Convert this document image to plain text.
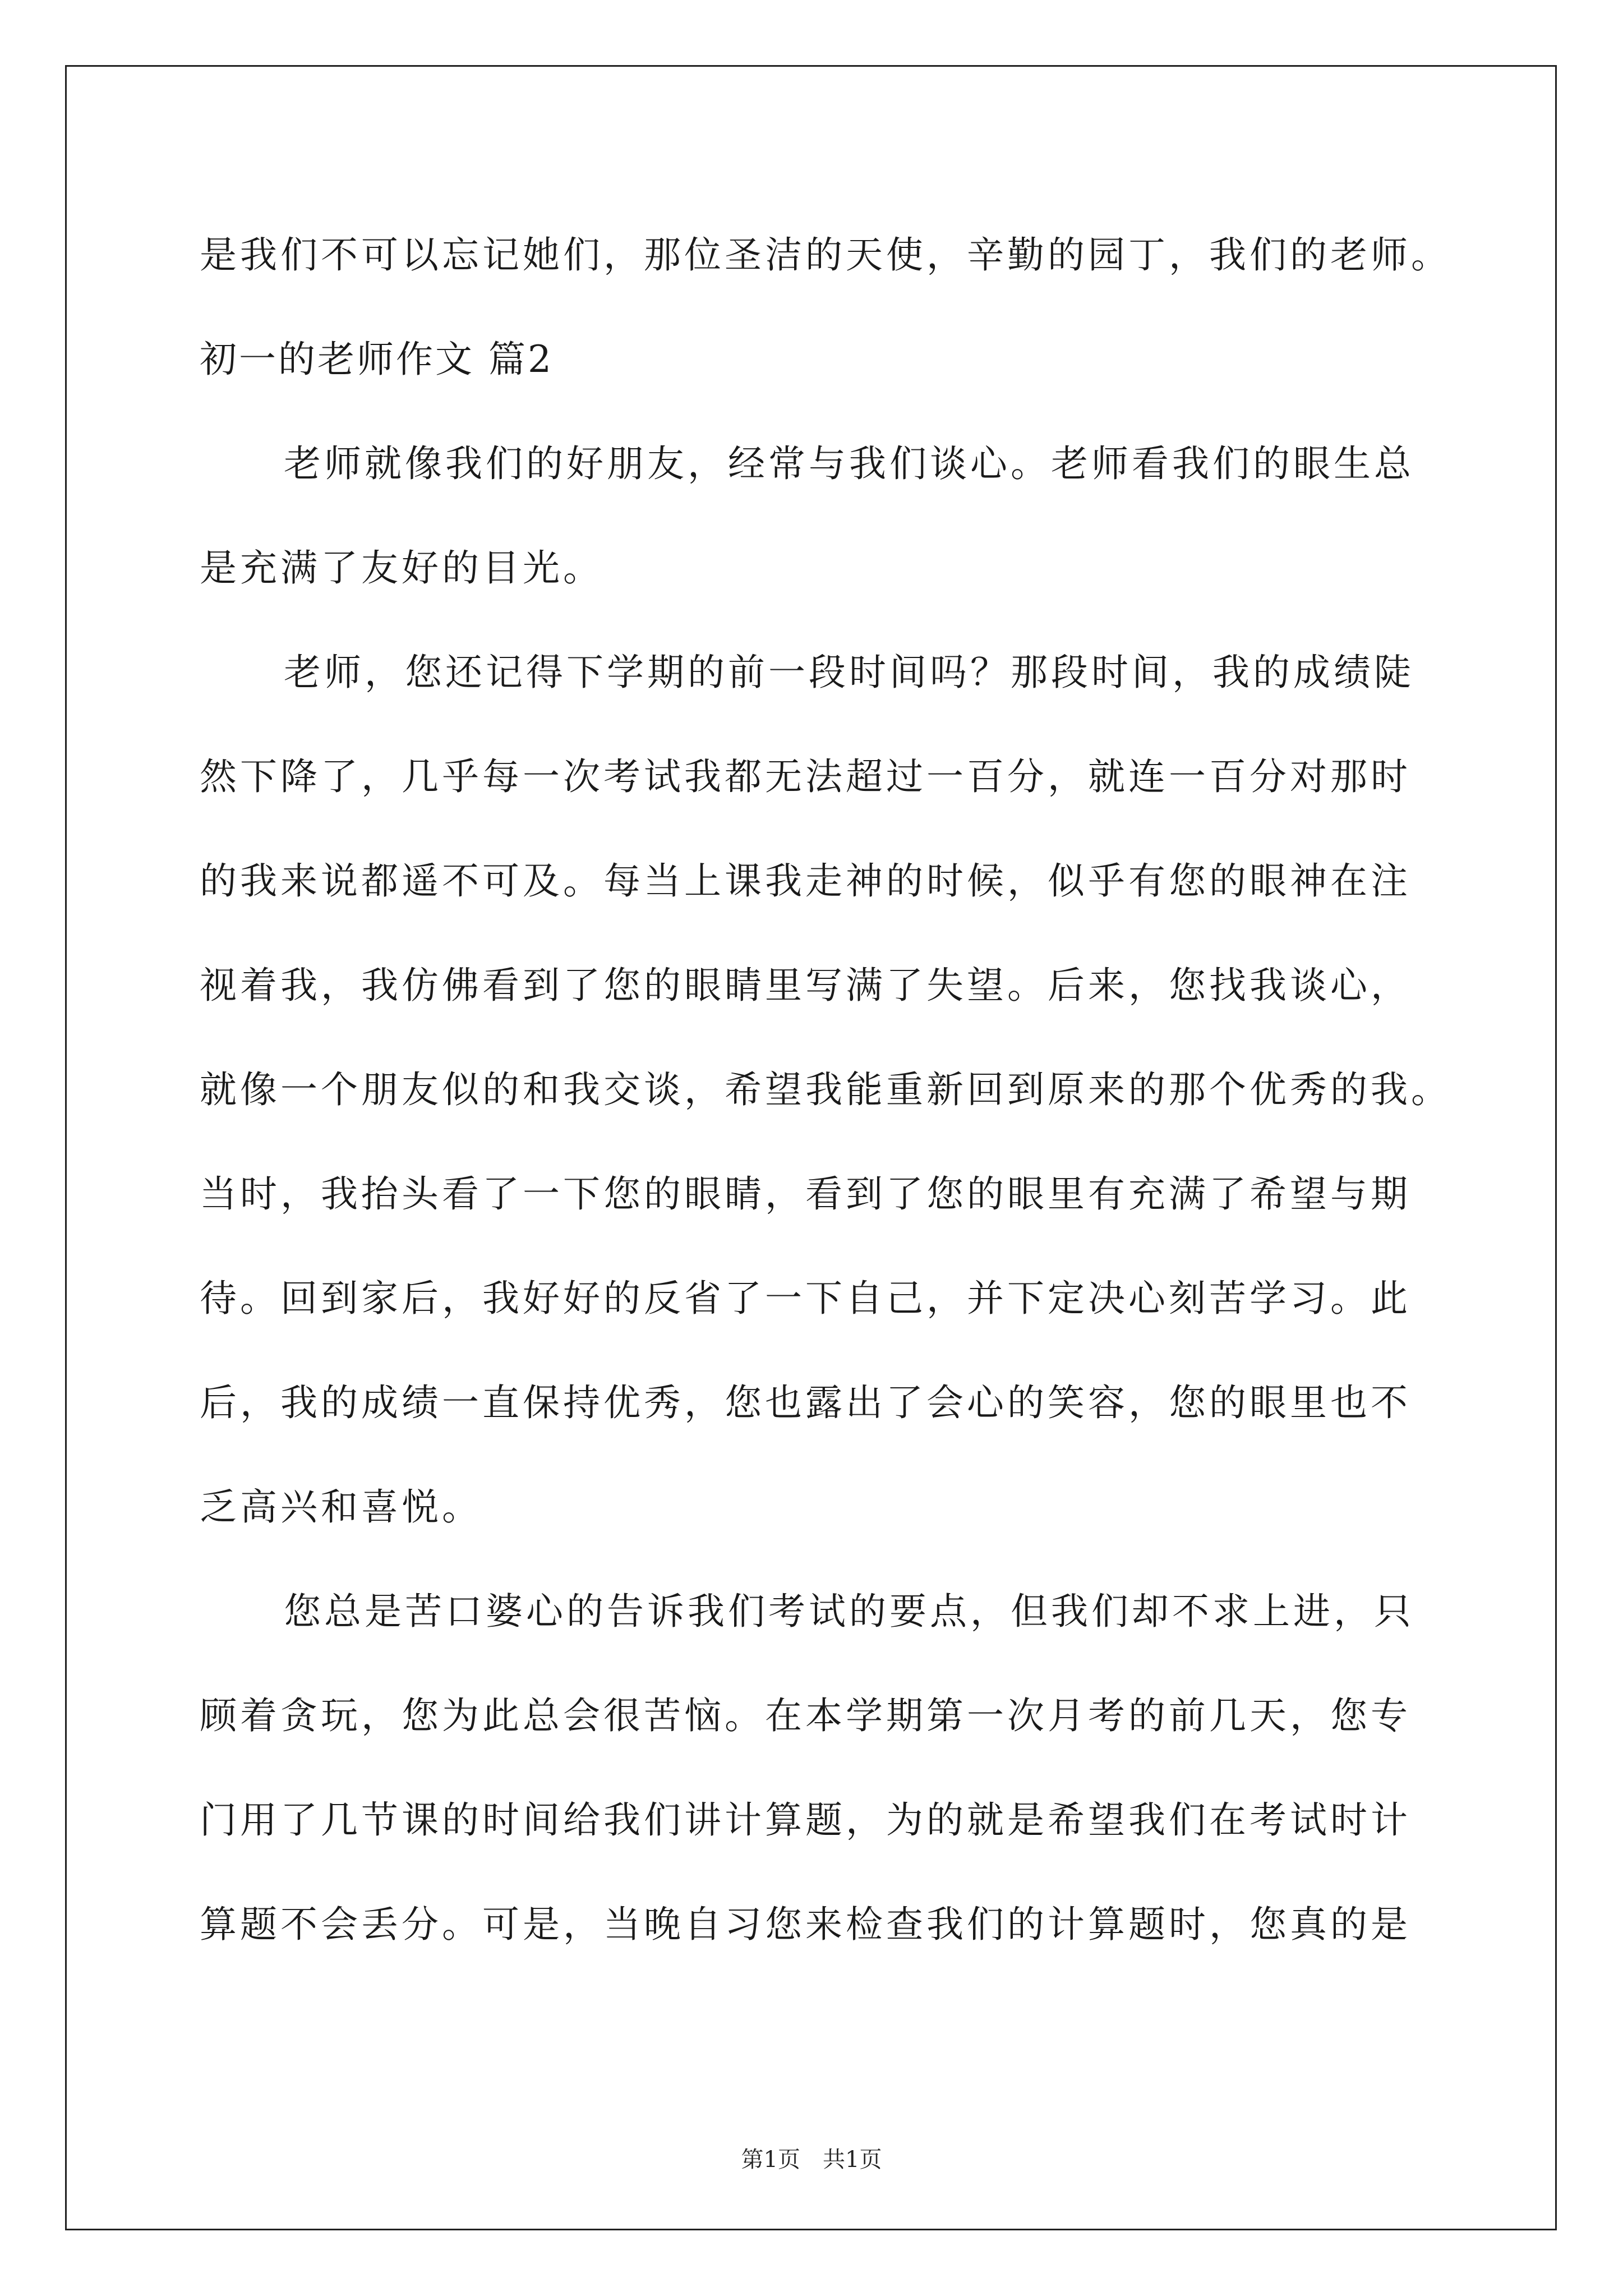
是我们不可以忘记她们，那位圣洁的天使，辛勤的园丁，我们的老师。
初一的老师作文 篇2
老师就像我们的好朋友，经常与我们谈心。老师看我们的眼生总
是充满了友好的目光。
老师，您还记得下学期的前一段时间吗？那段时间，我的成绩陡
然下降了，几乎每一次考试我都无法超过一百分，就连一百分对那时
的我来说都遥不可及。每当上课我走神的时候，似乎有您的眼神在注
视着我，我仿佛看到了您的眼睛里写满了失望。后来，您找我谈心，
就像一个朋友似的和我交谈，希望我能重新回到原来的那个优秀的我。
当时，我抬头看了一下您的眼睛，看到了您的眼里有充满了希望与期
待。回到家后，我好好的反省了一下自己，并下定决心刻苦学习。此
后，我的成绩一直保持优秀，您也露出了会心的笑容，您的眼里也不
乏高兴和喜悦。
您总是苦口婆心的告诉我们考试的要点，但我们却不求上进，只
顾着贪玩，您为此总会很苦恼。在本学期第一次月考的前几天，您专
门用了几节课的时间给我们讲计算题，为的就是希望我们在考试时计
算题不会丢分。可是，当晚自习您来检查我们的计算题时，您真的是
第1页　共1页
